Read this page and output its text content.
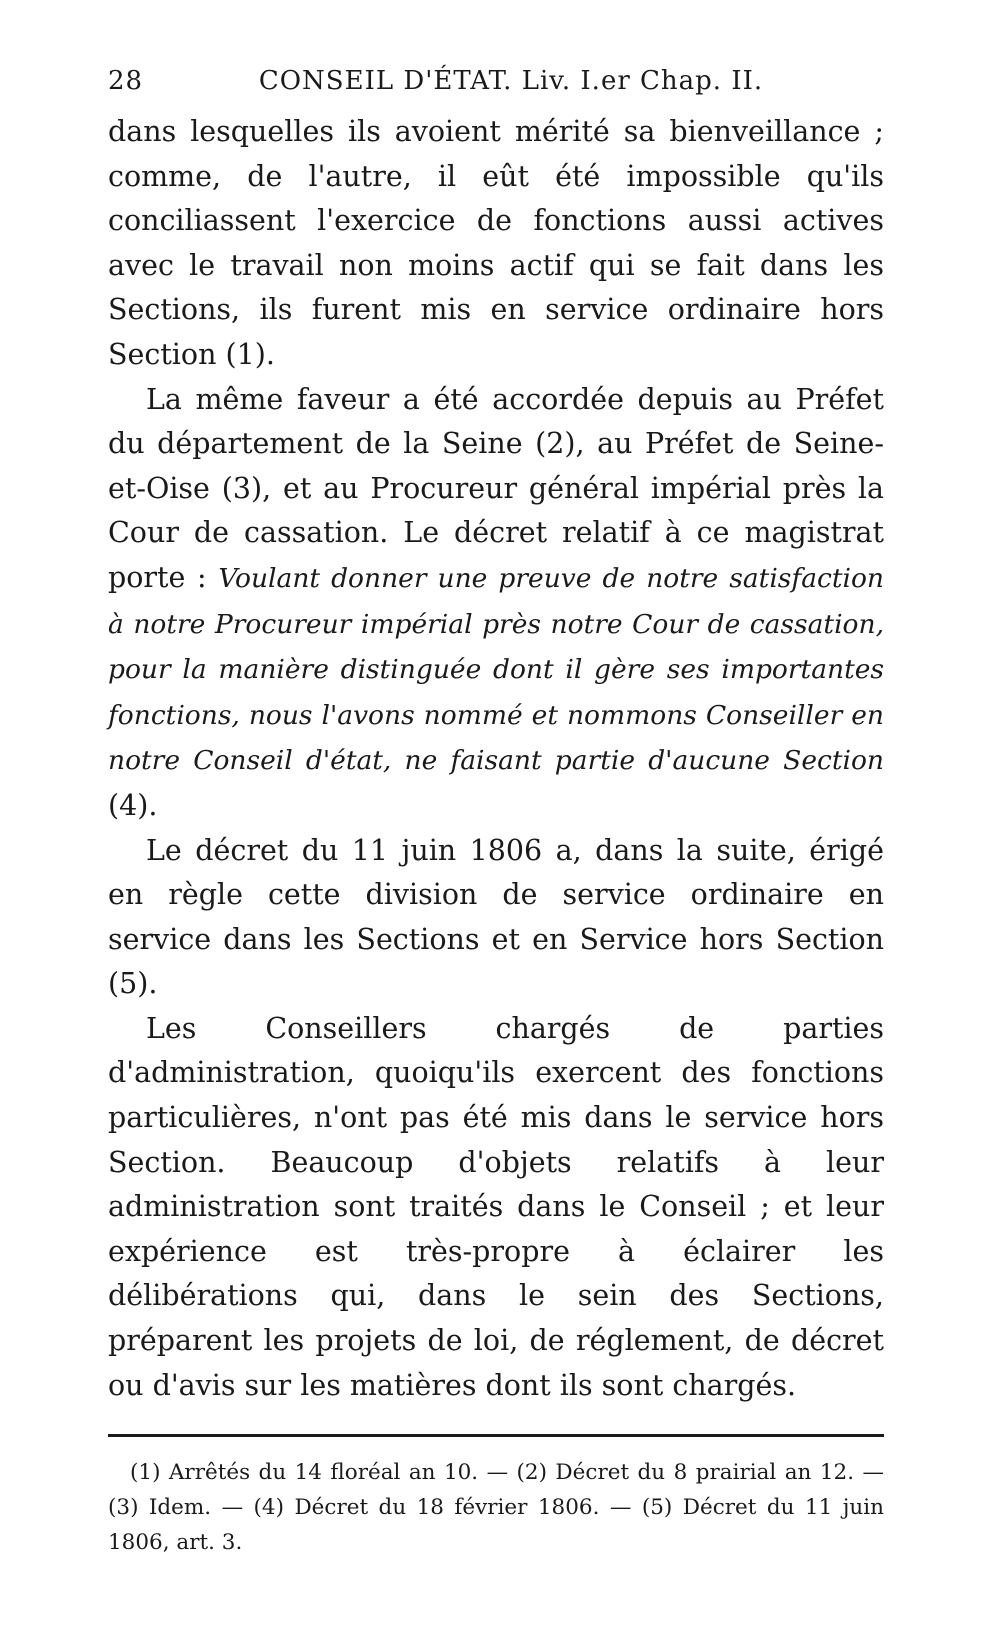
28	CONSEIL D'ÉTAT. Liv. I.er Chap. II.

dans lesquelles ils avoient mérité sa bienveillance ; comme, de l'autre, il eût été impossible qu'ils conciliassent l'exercice de fonctions aussi actives avec le travail non moins actif qui se fait dans les Sections, ils furent mis en service ordinaire hors Section (1).

La même faveur a été accordée depuis au Préfet du département de la Seine (2), au Préfet de Seine-et-Oise (3), et au Procureur général impérial près la Cour de cassation. Le décret relatif à ce magistrat porte : Voulant donner une preuve de notre satisfaction à notre Procureur impérial près notre Cour de cassation, pour la manière distinguée dont il gère ses importantes fonctions, nous l'avons nommé et nommons Conseiller en notre Conseil d'état, ne faisant partie d'aucune Section (4).

Le décret du 11 juin 1806 a, dans la suite, érigé en règle cette division de service ordinaire en service dans les Sections et en Service hors Section (5).

Les Conseillers chargés de parties d'administration, quoiqu'ils exercent des fonctions particulières, n'ont pas été mis dans le service hors Section. Beaucoup d'objets relatifs à leur administration sont traités dans le Conseil ; et leur expérience est très-propre à éclairer les délibérations qui, dans le sein des Sections, préparent les projets de loi, de réglement, de décret ou d'avis sur les matières dont ils sont chargés.

(1) Arrêtés du 14 floréal an 10. — (2) Décret du 8 prairial an 12. — (3) Idem. — (4) Décret du 18 février 1806. — (5) Décret du 11 juin 1806, art. 3.
